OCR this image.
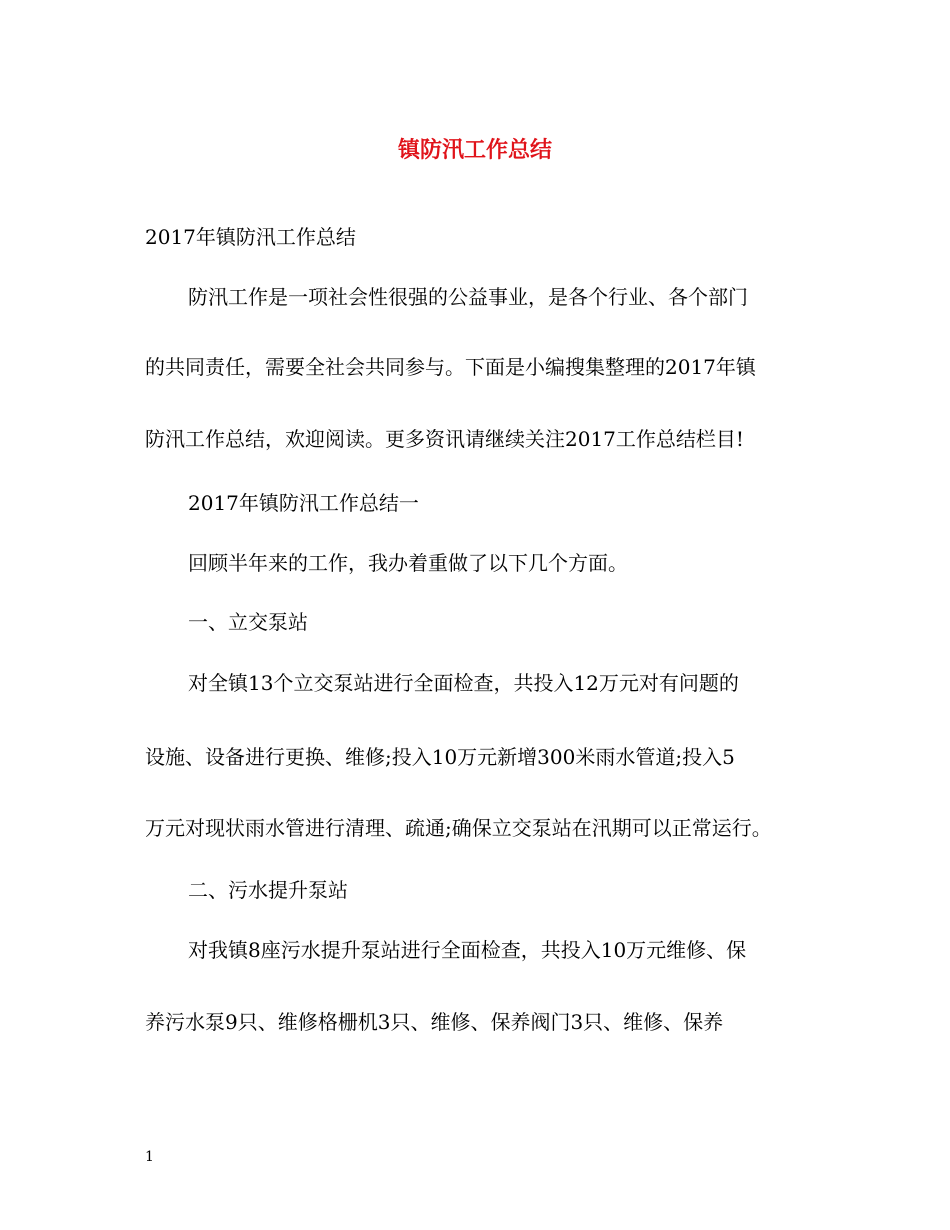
镇防汛工作总结

2017年镇防汛工作总结

防汛工作是一项社会性很强的公益事业，是各个行业、各个部门

的共同责任，需要全社会共同参与。下面是小编搜集整理的2017年镇

防汛工作总结，欢迎阅读。更多资讯请继续关注2017工作总结栏目!

2017年镇防汛工作总结一

回顾半年来的工作，我办着重做了以下几个方面。

一、立交泵站

对全镇13个立交泵站进行全面检查，共投入12万元对有问题的

设施、设备进行更换、维修;投入10万元新增300米雨水管道;投入5

万元对现状雨水管进行清理、疏通;确保立交泵站在汛期可以正常运行。

二、污水提升泵站

对我镇8座污水提升泵站进行全面检查，共投入10万元维修、保

养污水泵9只、维修格栅机3只、维修、保养阀门3只、维修、保养

1
